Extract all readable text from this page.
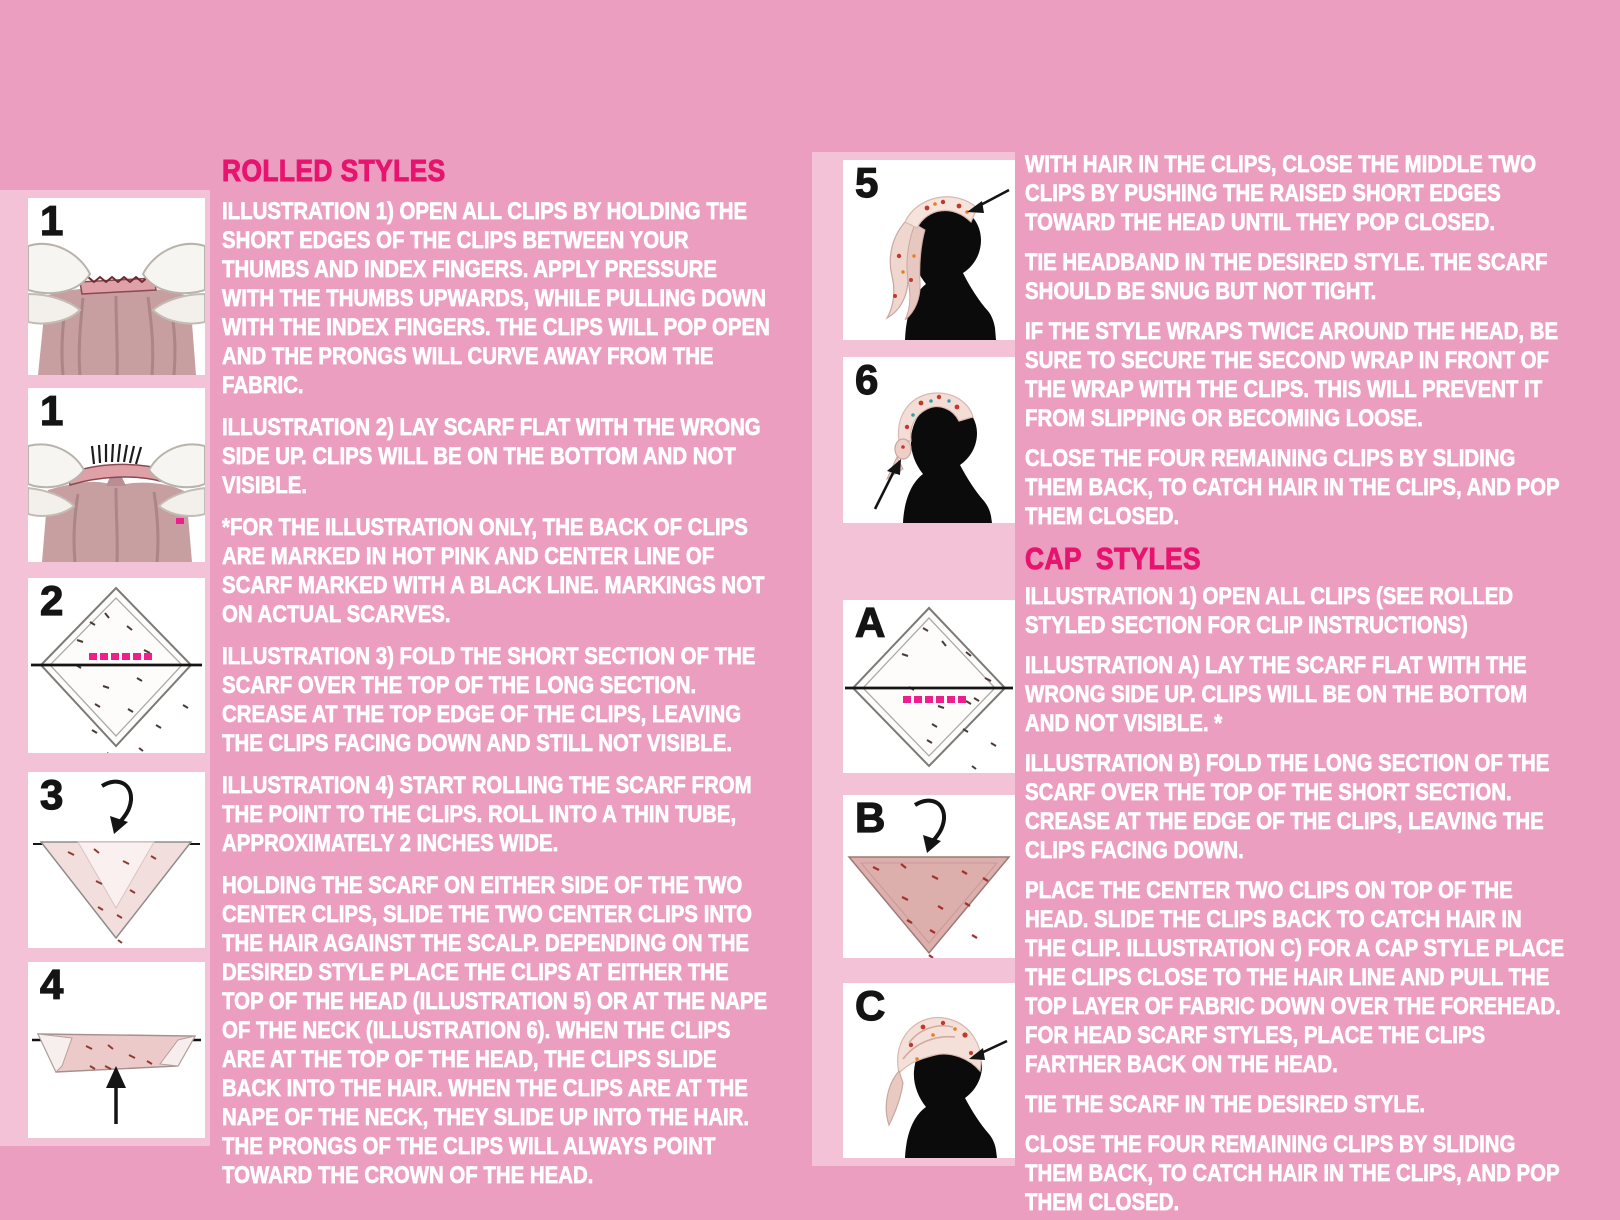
1
1
2
3
4
ROLLED STYLES

ILLUSTRATION 1) OPEN ALL CLIPS BY HOLDING THE SHORT EDGES OF THE CLIPS BETWEEN YOUR THUMBS AND INDEX FINGERS. APPLY PRESSURE WITH THE THUMBS UPWARDS, WHILE PULLING DOWN WITH THE INDEX FINGERS. THE CLIPS WILL POP OPEN AND THE PRONGS WILL CURVE AWAY FROM THE FABRIC.

ILLUSTRATION 2) LAY SCARF FLAT WITH THE WRONG SIDE UP. CLIPS WILL BE ON THE BOTTOM AND NOT VISIBLE.

*FOR THE ILLUSTRATION ONLY, THE BACK OF CLIPS ARE MARKED IN HOT PINK AND CENTER LINE OF SCARF MARKED WITH A BLACK LINE. MARKINGS NOT ON ACTUAL SCARVES.

ILLUSTRATION 3) FOLD THE SHORT SECTION OF THE SCARF OVER THE TOP OF THE LONG SECTION. CREASE AT THE TOP EDGE OF THE CLIPS, LEAVING THE CLIPS FACING DOWN AND STILL NOT VISIBLE.

ILLUSTRATION 4) START ROLLING THE SCARF FROM THE POINT TO THE CLIPS. ROLL INTO A THIN TUBE, APPROXIMATELY 2 INCHES WIDE.

HOLDING THE SCARF ON EITHER SIDE OF THE TWO CENTER CLIPS, SLIDE THE TWO CENTER CLIPS INTO THE HAIR AGAINST THE SCALP. DEPENDING ON THE DESIRED STYLE PLACE THE CLIPS AT EITHER THE TOP OF THE HEAD (ILLUSTRATION 5) OR AT THE NAPE OF THE NECK (ILLUSTRATION 6). WHEN THE CLIPS ARE AT THE TOP OF THE HEAD, THE CLIPS SLIDE BACK INTO THE HAIR. WHEN THE CLIPS ARE AT THE NAPE OF THE NECK, THEY SLIDE UP INTO THE HAIR. THE PRONGS OF THE CLIPS WILL ALWAYS POINT TOWARD THE CROWN OF THE HEAD.

5
6
A
B
C

WITH HAIR IN THE CLIPS, CLOSE THE MIDDLE TWO CLIPS BY PUSHING THE RAISED SHORT EDGES TOWARD THE HEAD UNTIL THEY POP CLOSED.

TIE HEADBAND IN THE DESIRED STYLE. THE SCARF SHOULD BE SNUG BUT NOT TIGHT.

IF THE STYLE WRAPS TWICE AROUND THE HEAD, BE SURE TO SECURE THE SECOND WRAP IN FRONT OF THE WRAP WITH THE CLIPS. THIS WILL PREVENT IT FROM SLIPPING OR BECOMING LOOSE.

CLOSE THE FOUR REMAINING CLIPS BY SLIDING THEM BACK, TO CATCH HAIR IN THE CLIPS, AND POP THEM CLOSED.

CAP STYLES

ILLUSTRATION 1) OPEN ALL CLIPS (SEE ROLLED STYLED SECTION FOR CLIP INSTRUCTIONS)

ILLUSTRATION A) LAY THE SCARF FLAT WITH THE WRONG SIDE UP. CLIPS WILL BE ON THE BOTTOM AND NOT VISIBLE. *

ILLUSTRATION B) FOLD THE LONG SECTION OF THE SCARF OVER THE TOP OF THE SHORT SECTION. CREASE AT THE EDGE OF THE CLIPS, LEAVING THE CLIPS FACING DOWN.

PLACE THE CENTER TWO CLIPS ON TOP OF THE HEAD. SLIDE THE CLIPS BACK TO CATCH HAIR IN THE CLIP. ILLUSTRATION C) FOR A CAP STYLE PLACE THE CLIPS CLOSE TO THE HAIR LINE AND PULL THE TOP LAYER OF FABRIC DOWN OVER THE FOREHEAD. FOR HEAD SCARF STYLES, PLACE THE CLIPS FARTHER BACK ON THE HEAD.

TIE THE SCARF IN THE DESIRED STYLE.

CLOSE THE FOUR REMAINING CLIPS BY SLIDING THEM BACK, TO CATCH HAIR IN THE CLIPS, AND POP THEM CLOSED.
